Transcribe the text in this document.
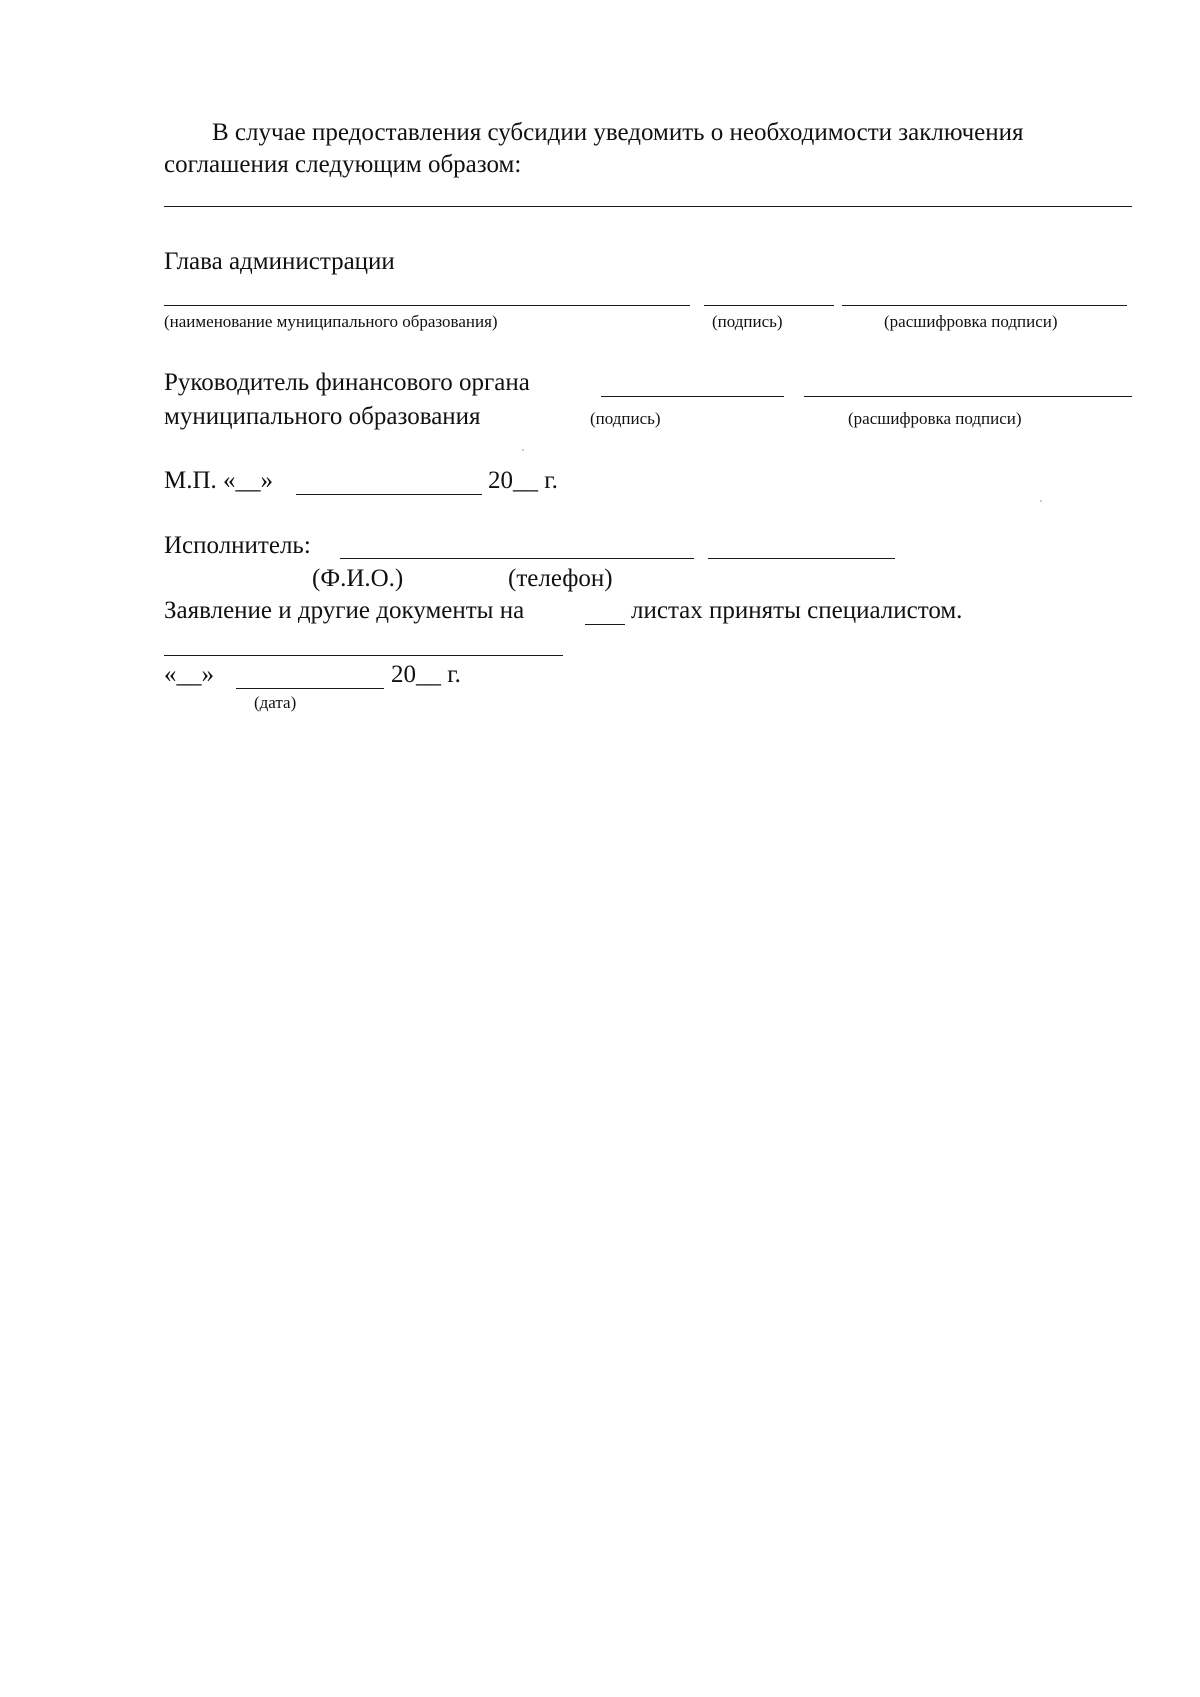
В случае предоставления субсидии уведомить о необходимости заключения
соглашения следующим образом:
Глава администрации
(наименование муниципального образования)	(подпись)	(расшифровка подписи)
Руководитель финансового органа
муниципального образования	(подпись)	(расшифровка подписи)
М.П. «__»	20__ г.
Исполнитель:
(Ф.И.О.)	(телефон)
Заявление и другие документы на	листах приняты специалистом.
«__»	20__ г.
(дата)
